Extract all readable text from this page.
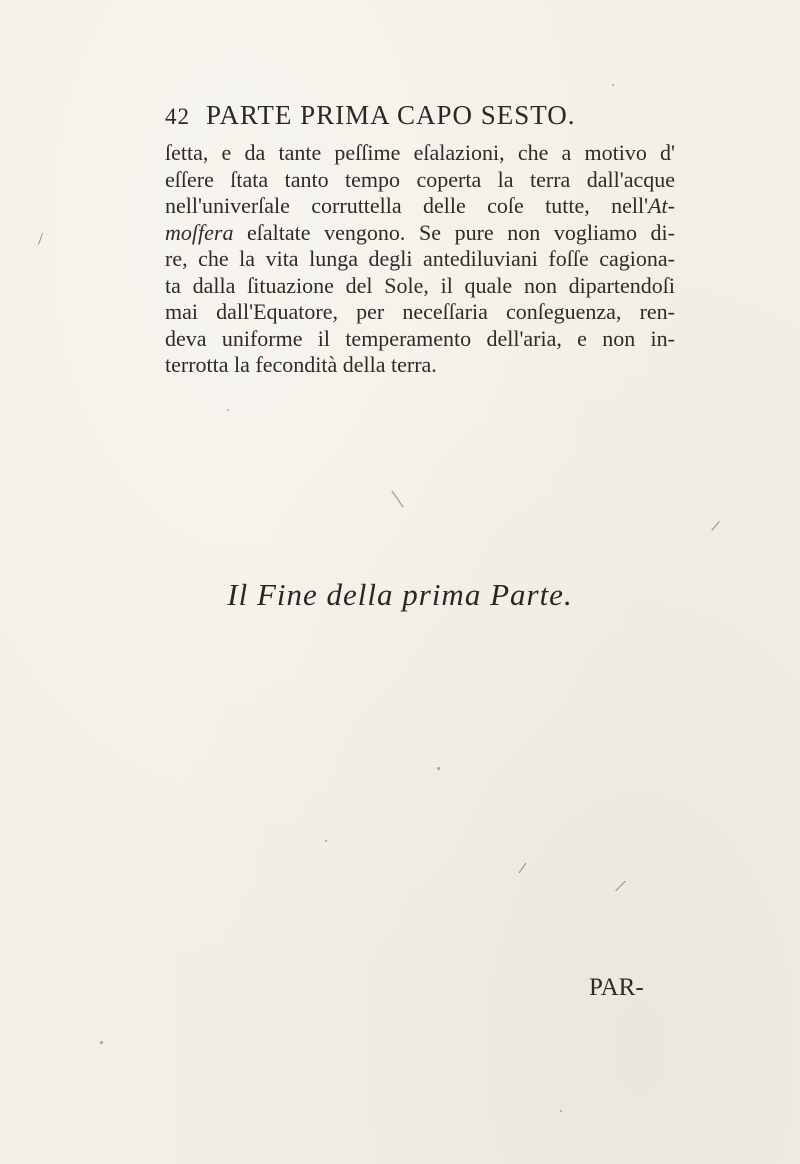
42 PARTE PRIMA CAPO SESTO.
ſetta, e da tante peſſime eſalazioni, che a motivo d'
eſſere ſtata tanto tempo coperta la terra dall'acque
nell'univerſale corruttella delle coſe tutte, nell'At-
moſfera eſaltate vengono. Se pure non vogliamo di-
re, che la vita lunga degli antediluviani foſſe cagiona-
ta dalla ſituazione del Sole, il quale non dipartendoſi
mai dall'Equatore, per neceſſaria conſeguenza, ren-
deva uniforme il temperamento dell'aria, e non in-
terrotta la fecondità della terra.
Il Fine della prima Parte.
PAR-
